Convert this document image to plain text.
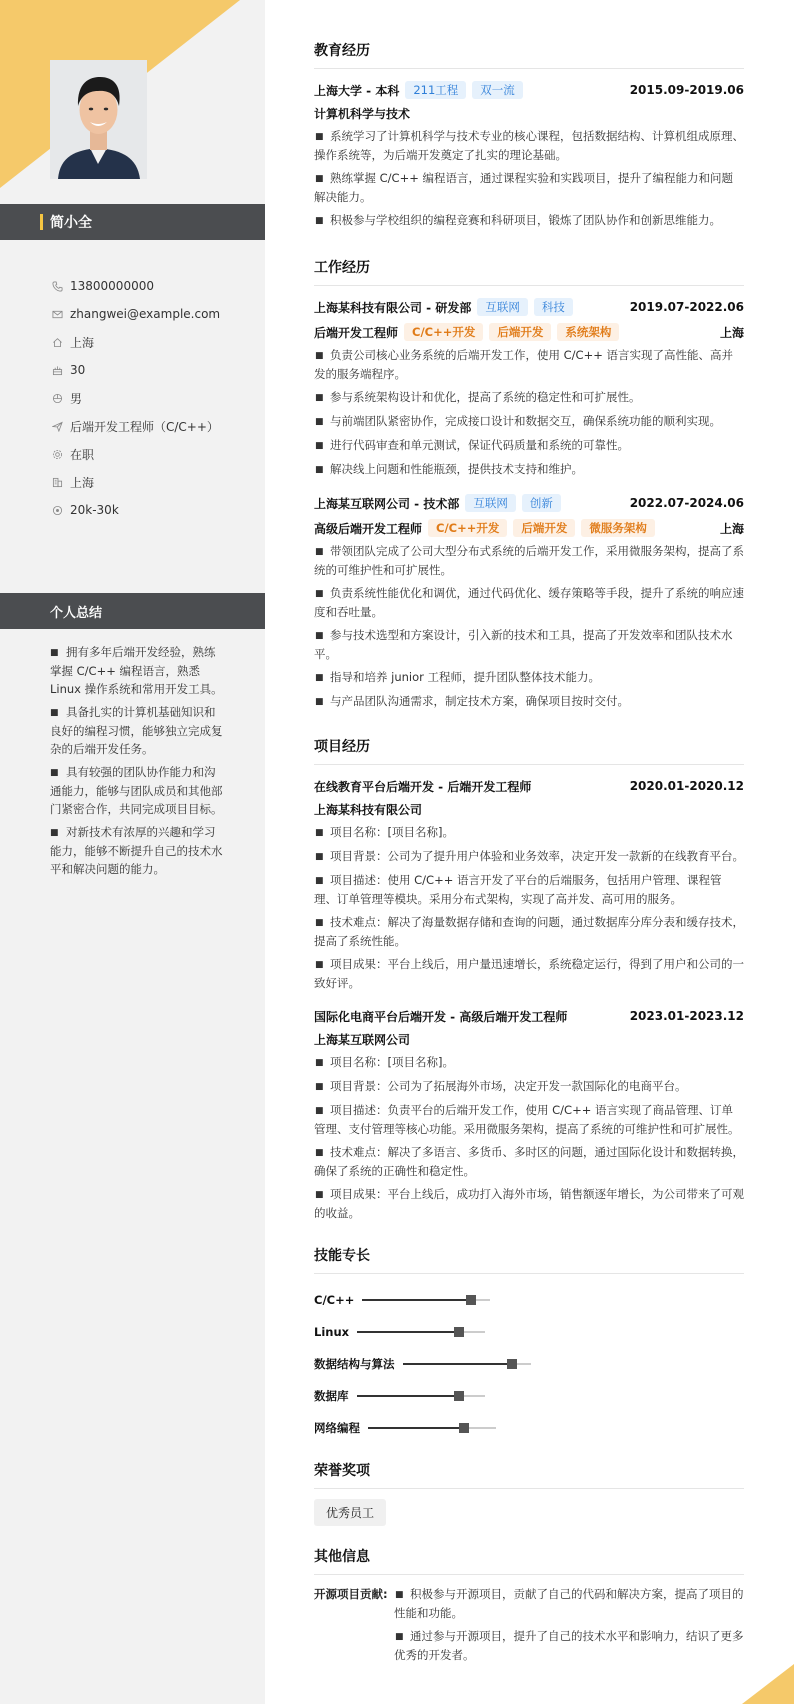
简小全
13800000000
zhangwei@example.com
上海
30
男
后端开发工程师（C/C++）
在职
上海
20k-30k
个人总结
■ 拥有多年后端开发经验，熟练掌握 C/C++ 编程语言，熟悉 Linux 操作系统和常用开发工具。
■ 具备扎实的计算机基础知识和良好的编程习惯，能够独立完成复杂的后端开发任务。
■ 具有较强的团队协作能力和沟通能力，能够与团队成员和其他部门紧密合作，共同完成项目目标。
■ 对新技术有浓厚的兴趣和学习能力，能够不断提升自己的技术水平和解决问题的能力。
教育经历
上海大学 - 本科	211工程	双一流	2015.09-2019.06
计算机科学与技术
■ 系统学习了计算机科学与技术专业的核心课程，包括数据结构、计算机组成原理、操作系统等，为后端开发奠定了扎实的理论基础。
■ 熟练掌握 C/C++ 编程语言，通过课程实验和实践项目，提升了编程能力和问题解决能力。
■ 积极参与学校组织的编程竞赛和科研项目，锻炼了团队协作和创新思维能力。
工作经历
上海某科技有限公司 - 研发部	互联网	科技	2019.07-2022.06
后端开发工程师	C/C++开发	后端开发	系统架构	上海
■ 负责公司核心业务系统的后端开发工作，使用 C/C++ 语言实现了高性能、高并发的服务端程序。
■ 参与系统架构设计和优化，提高了系统的稳定性和可扩展性。
■ 与前端团队紧密协作，完成接口设计和数据交互，确保系统功能的顺利实现。
■ 进行代码审查和单元测试，保证代码质量和系统的可靠性。
■ 解决线上问题和性能瓶颈，提供技术支持和维护。
上海某互联网公司 - 技术部	互联网	创新	2022.07-2024.06
高级后端开发工程师	C/C++开发	后端开发	微服务架构	上海
■ 带领团队完成了公司大型分布式系统的后端开发工作，采用微服务架构，提高了系统的可维护性和可扩展性。
■ 负责系统性能优化和调优，通过代码优化、缓存策略等手段，提升了系统的响应速度和吞吐量。
■ 参与技术选型和方案设计，引入新的技术和工具，提高了开发效率和团队技术水平。
■ 指导和培养 junior 工程师，提升团队整体技术能力。
■ 与产品团队沟通需求，制定技术方案，确保项目按时交付。
项目经历
在线教育平台后端开发 - 后端开发工程师	2020.01-2020.12
上海某科技有限公司
■ 项目名称：[项目名称]。
■ 项目背景：公司为了提升用户体验和业务效率，决定开发一款新的在线教育平台。
■ 项目描述：使用 C/C++ 语言开发了平台的后端服务，包括用户管理、课程管理、订单管理等模块。采用分布式架构，实现了高并发、高可用的服务。
■ 技术难点：解决了海量数据存储和查询的问题，通过数据库分库分表和缓存技术，提高了系统性能。
■ 项目成果：平台上线后，用户量迅速增长，系统稳定运行，得到了用户和公司的一致好评。
国际化电商平台后端开发 - 高级后端开发工程师	2023.01-2023.12
上海某互联网公司
■ 项目名称：[项目名称]。
■ 项目背景：公司为了拓展海外市场，决定开发一款国际化的电商平台。
■ 项目描述：负责平台的后端开发工作，使用 C/C++ 语言实现了商品管理、订单管理、支付管理等核心功能。采用微服务架构，提高了系统的可维护性和可扩展性。
■ 技术难点：解决了多语言、多货币、多时区的问题，通过国际化设计和数据转换，确保了系统的正确性和稳定性。
■ 项目成果：平台上线后，成功打入海外市场，销售额逐年增长，为公司带来了可观的收益。
技能专长
C/C++
Linux
数据结构与算法
数据库
网络编程
荣誉奖项
优秀员工
其他信息
开源项目贡献: ■ 积极参与开源项目，贡献了自己的代码和解决方案，提高了项目的性能和功能。
■ 通过参与开源项目，提升了自己的技术水平和影响力，结识了更多优秀的开发者。
